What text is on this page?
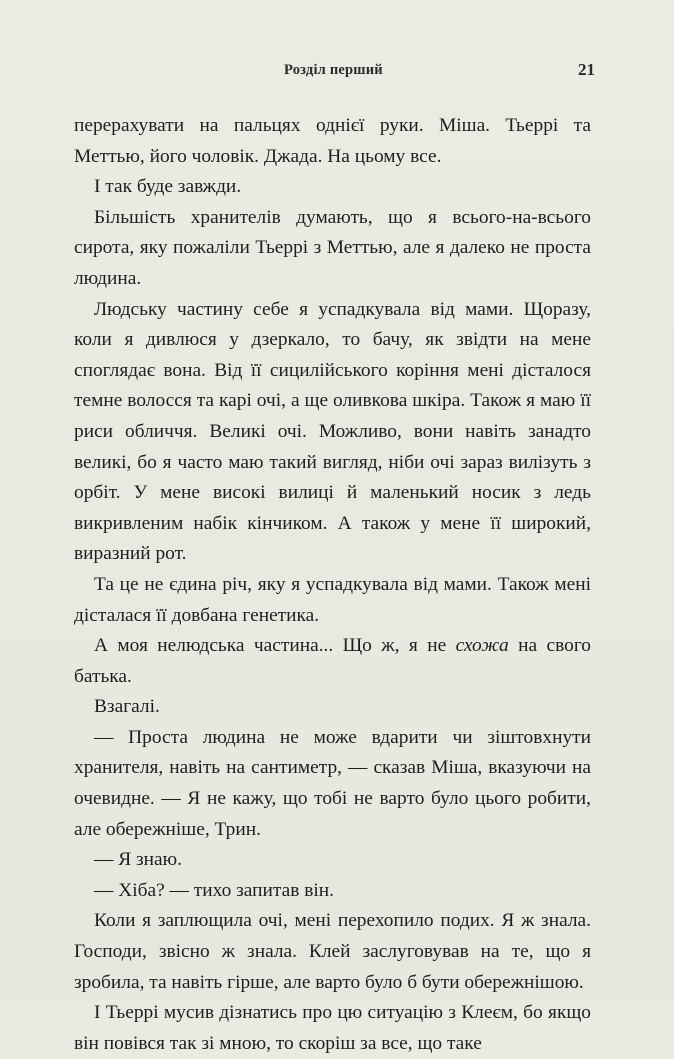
Розділ перший	21

перерахувати на пальцях однієї руки. Міша. Тьеррі та Меттью, його чоловік. Джада. На цьому все.

І так буде завжди.

Більшість хранителів думають, що я всього-на-всього сирота, яку пожаліли Тьеррі з Меттью, але я далеко не проста людина.

Людську частину себе я успадкувала від мами. Щоразу, коли я дивлюся у дзеркало, то бачу, як звідти на мене споглядає вона. Від її сицилійського коріння мені дісталося темне волосся та карі очі, а ще оливкова шкіра. Також я маю її риси обличчя. Великі очі. Можливо, вони навіть занадто великі, бо я часто маю такий вигляд, ніби очі зараз вилізуть з орбіт. У мене високі вилиці й маленький носик з ледь викривленим набік кінчиком. А також у мене її широкий, виразний рот.

Та це не єдина річ, яку я успадкувала від мами. Також мені дісталася її довбана генетика.

А моя нелюдська частина... Що ж, я не схожа на свого батька.

Взагалі.

— Проста людина не може вдарити чи зіштовхнути хранителя, навіть на сантиметр, — сказав Міша, вказуючи на очевидне. — Я не кажу, що тобі не варто було цього робити, але обережніше, Трин.

— Я знаю.

— Хіба? — тихо запитав він.

Коли я заплющила очі, мені перехопило подих. Я ж знала. Господи, звісно ж знала. Клей заслуговував на те, що я зробила, та навіть гірше, але варто було б бути обережнішою.

І Тьеррі мусив дізнатись про цю ситуацію з Клеєм, бо якщо він повівся так зі мною, то скоріш за все, що таке
